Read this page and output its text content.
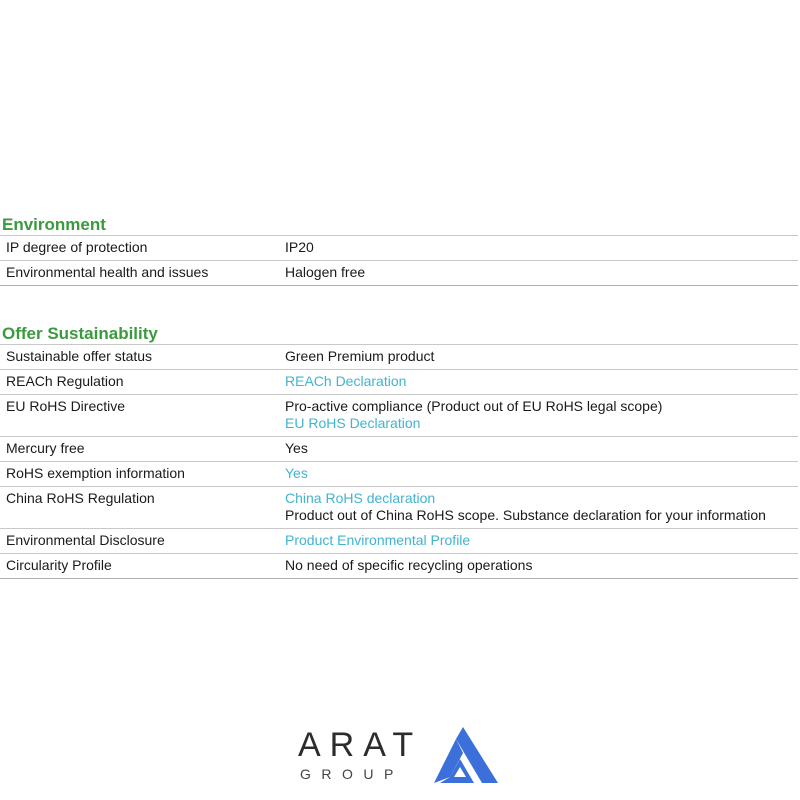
Environment
IP degree of protection	IP20
Environmental health and issues	Halogen free
Offer Sustainability
Sustainable offer status	Green Premium product
REACh Regulation	REACh Declaration
EU RoHS Directive	Pro-active compliance (Product out of EU RoHS legal scope)
EU RoHS Declaration
Mercury free	Yes
RoHS exemption information	Yes
China RoHS Regulation	China RoHS declaration
Product out of China RoHS scope. Substance declaration for your information
Environmental Disclosure	Product Environmental Profile
Circularity Profile	No need of specific recycling operations
ARAT
GROUP
